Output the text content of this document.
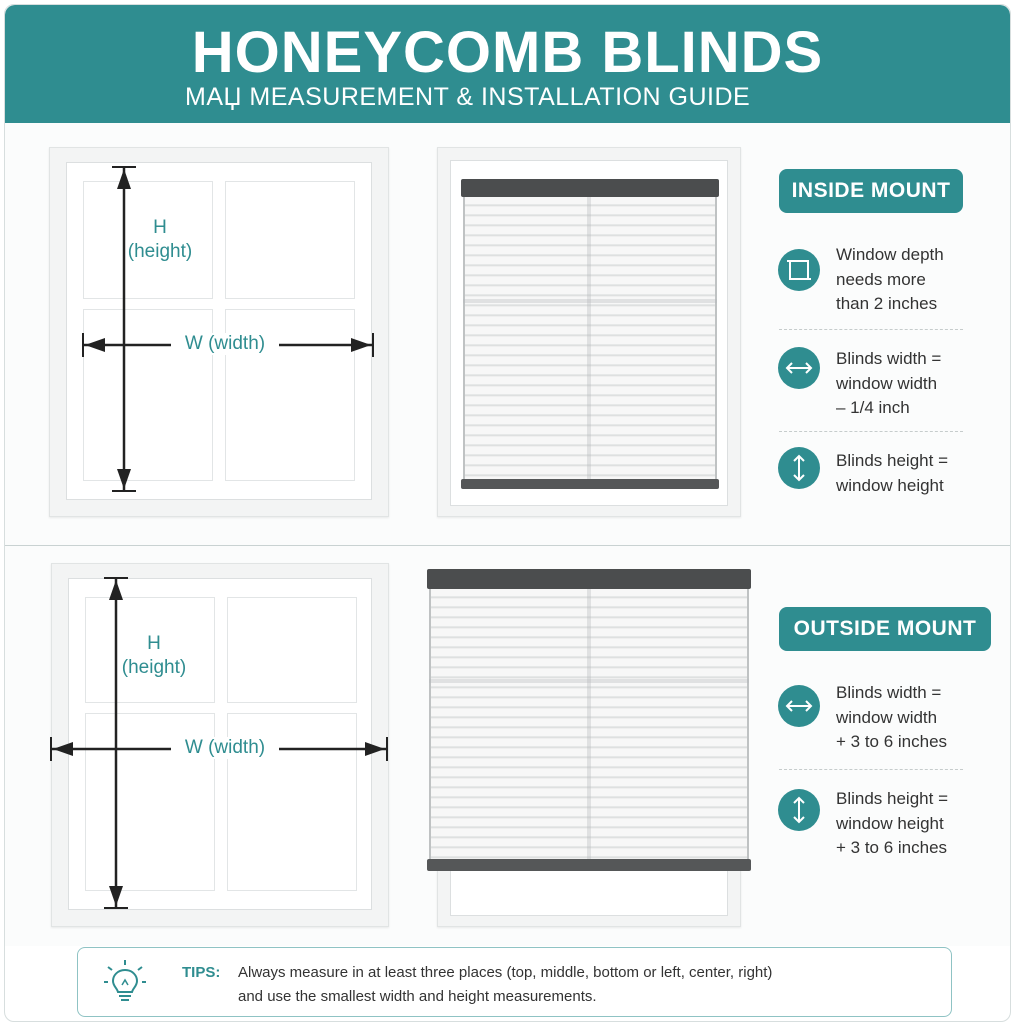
HONEYCOMB BLINDS
MAЏ MEASUREMENT & INSTALLATION GUIDE
H
(height)
W (width)
INSIDE MOUNT
Window depth
needs more
than 2 inches
Blinds width =
window width
– 1/4 inch
Blinds height =
window height
H
(height)
W (width)
OUTSIDE MOUNT
Blinds width =
window width
+ 3 to 6 inches
Blinds height =
window height
+ 3 to 6 inches
TIPS: Always measure in at least three places (top, middle, bottom or left, center, right)
and use the smallest width and height measurements.
